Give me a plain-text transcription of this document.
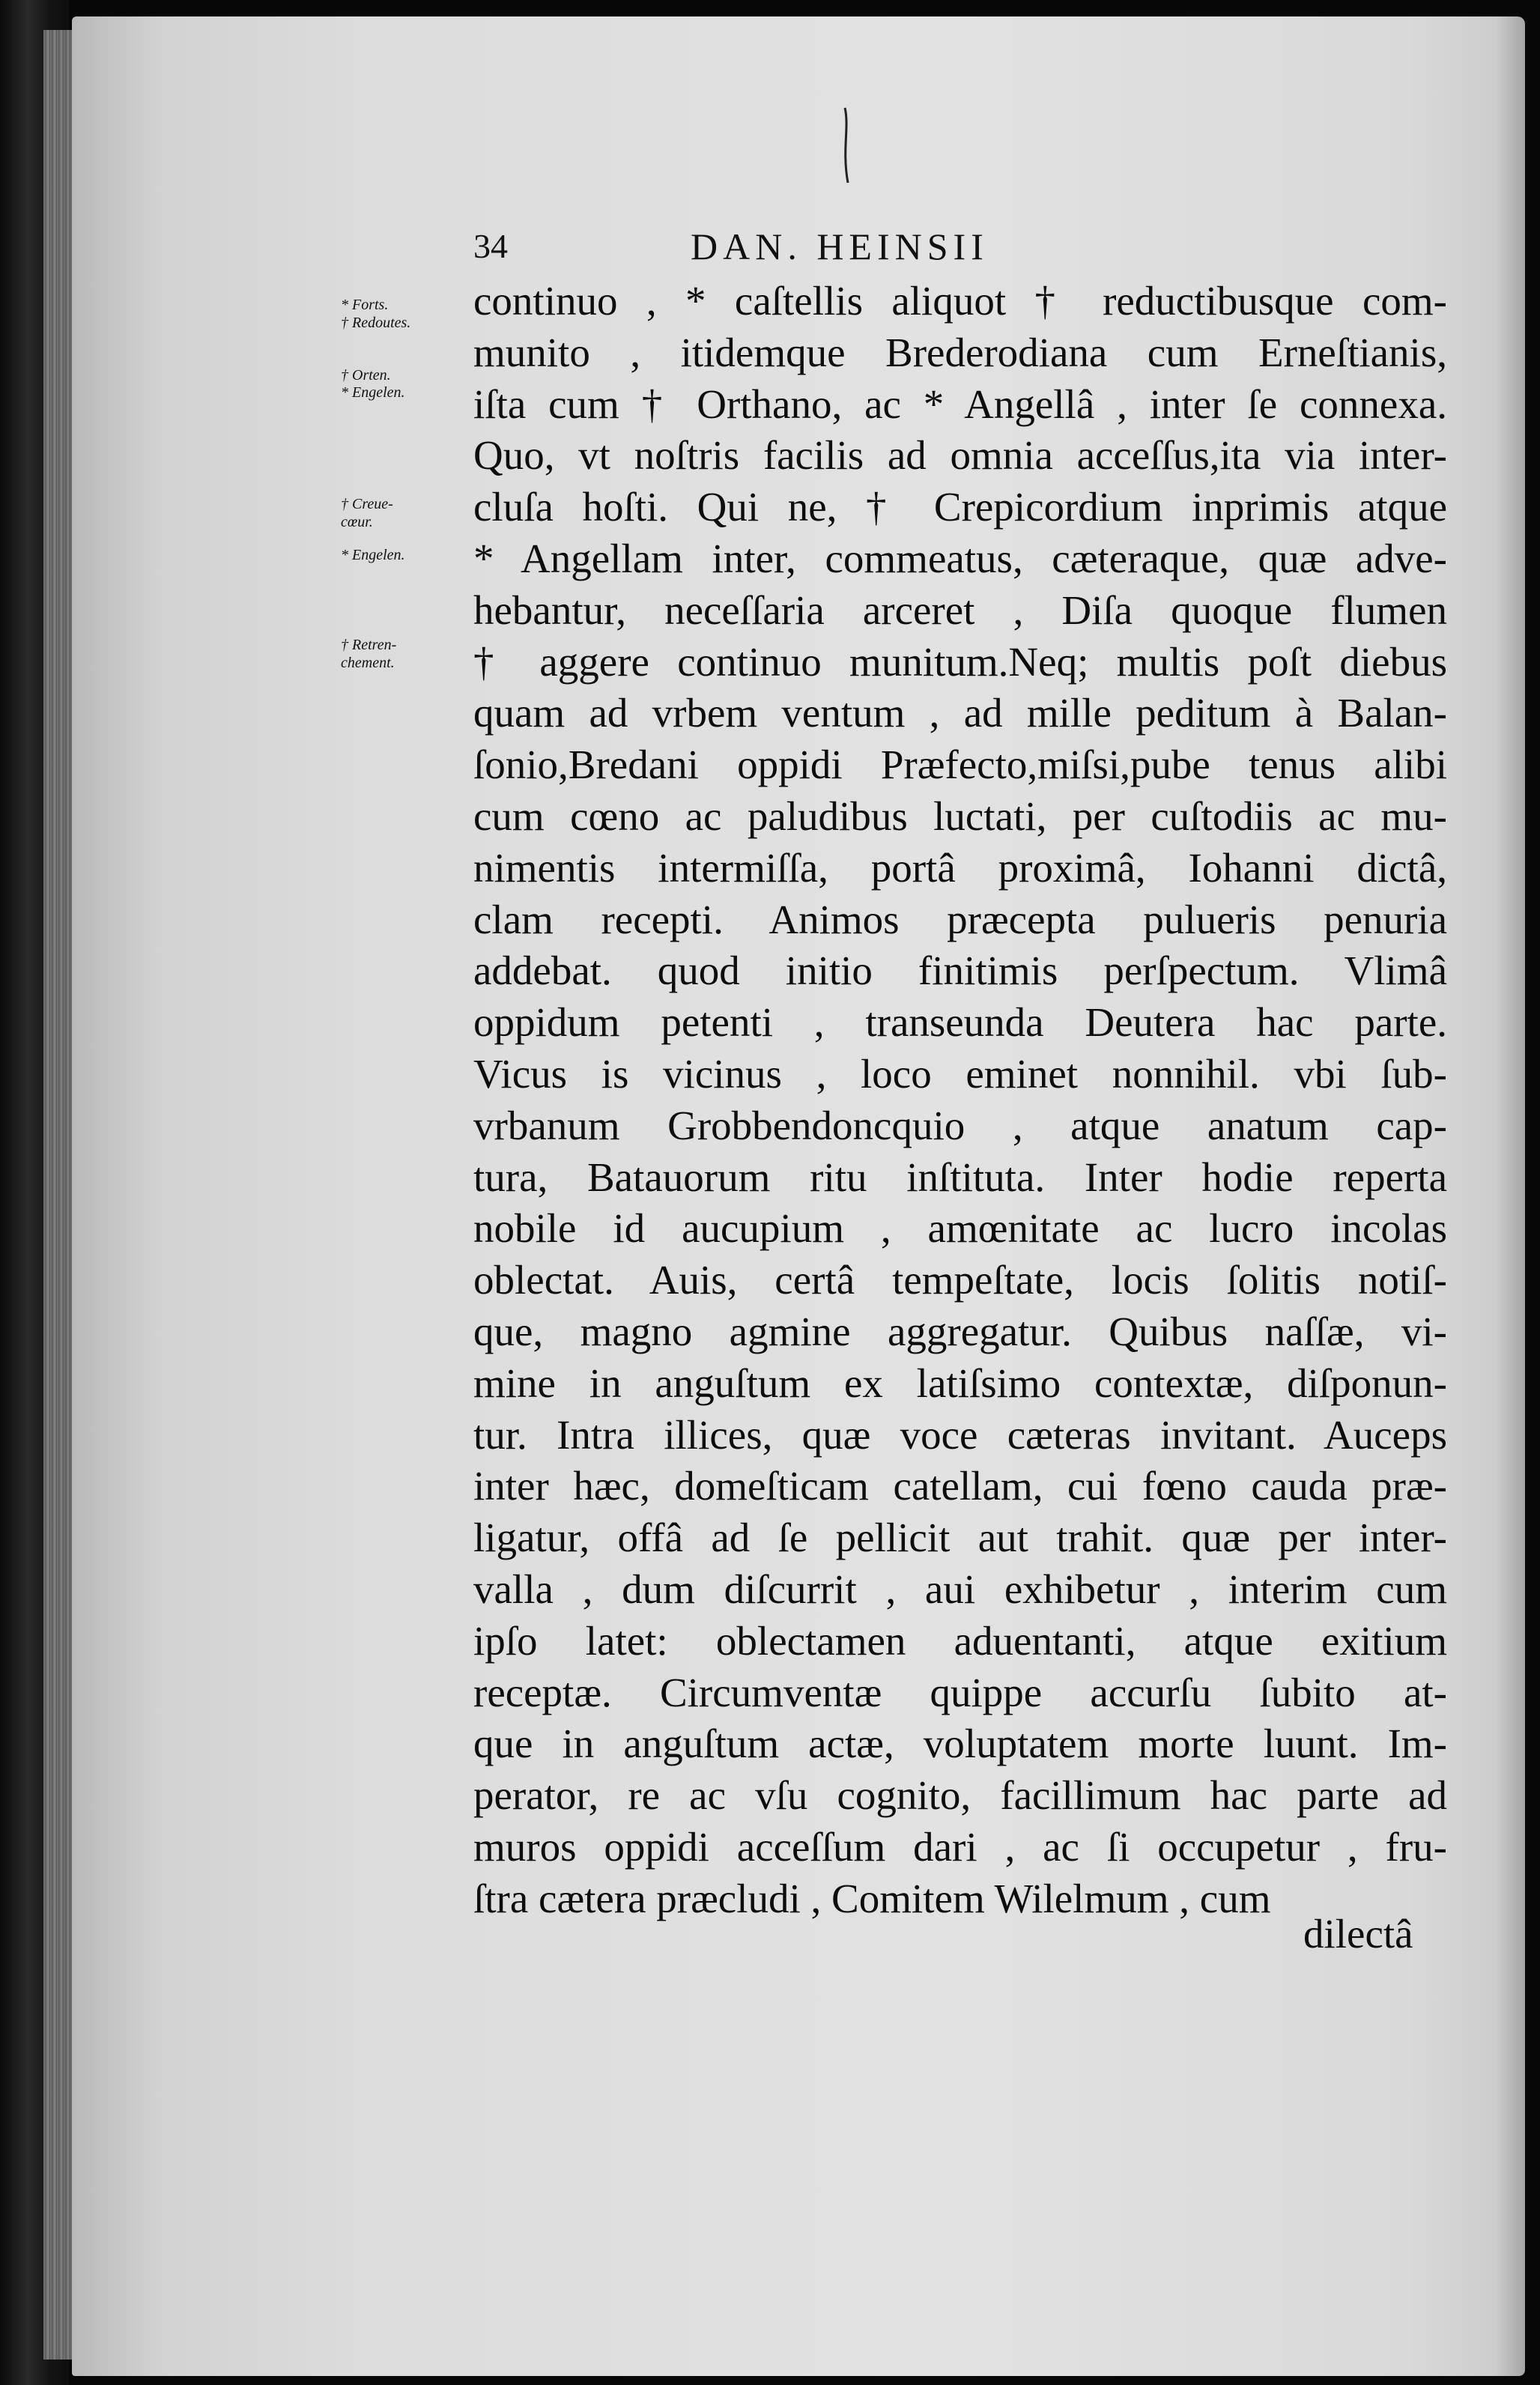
34	DAN. HEINSII
* Forts.
† Redoutes.
† Orten.
* Engelen.
† Creue-
cœur.
* Engelen.
† Retren-
chement.
continuo , * caſtellis aliquot † reductibusque com-
munito , itidemque Brederodiana cum Erneſtianis,
iſta cum † Orthano, ac * Angellâ , inter ſe connexa.
Quo, vt noſtris facilis ad omnia acceſſus,ita via inter-
cluſa hoſti. Qui ne, † Crepicordium inprimis atque
* Angellam inter, commeatus, cæteraque, quæ adve-
hebantur, neceſſaria arceret , Diſa quoque flumen
† aggere continuo munitum.Neq; multis poſt diebus
quam ad vrbem ventum , ad mille peditum à Balan-
ſonio,Bredani oppidi Præfecto,miſsi,pube tenus alibi
cum cœno ac paludibus luctati, per cuſtodiis ac mu-
nimentis intermiſſa, portâ proximâ, Iohanni dictâ,
clam recepti. Animos præcepta pulueris penuria
addebat. quod initio finitimis perſpectum. Vlimâ
oppidum petenti , transeunda Deutera hac parte.
Vicus is vicinus , loco eminet nonnihil. vbi ſub-
vrbanum Grobbendoncquio , atque anatum cap-
tura, Batauorum ritu inſtituta. Inter hodie reperta
nobile id aucupium , amœnitate ac lucro incolas
oblectat. Auis, certâ tempeſtate, locis ſolitis notiſ-
que, magno agmine aggregatur. Quibus naſſæ, vi-
mine in anguſtum ex latiſsimo contextæ, diſponun-
tur. Intra illices, quæ voce cæteras invitant. Auceps
inter hæc, domeſticam catellam, cui fœno cauda præ-
ligatur, offâ ad ſe pellicit aut trahit. quæ per inter-
valla , dum diſcurrit , aui exhibetur , interim cum
ipſo latet: oblectamen aduentanti, atque exitium
receptæ. Circumventæ quippe accurſu ſubito at-
que in anguſtum actæ, voluptatem morte luunt. Im-
perator, re ac vſu cognito, facillimum hac parte ad
muros oppidi acceſſum dari , ac ſi occupetur , fru-
ſtra cætera præcludi , Comitem Wilelmum , cum
dilectâ
